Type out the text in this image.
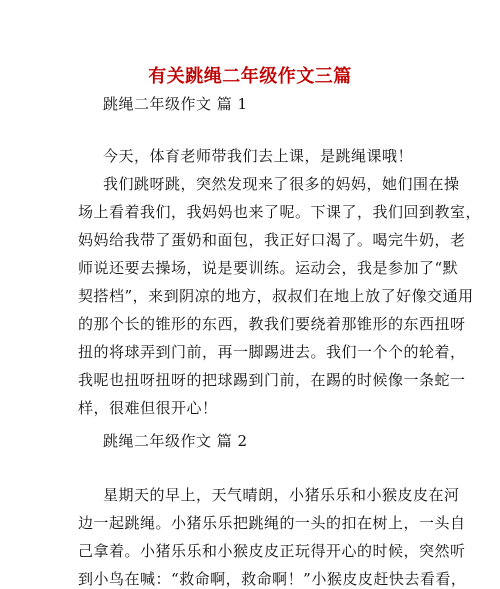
有关跳绳二年级作文三篇
跳绳二年级作文 篇 1
今天，体育老师带我们去上课，是跳绳课哦！
我们跳呀跳，突然发现来了很多的妈妈，她们围在操
场上看着我们，我妈妈也来了呢。下课了，我们回到教室，
妈妈给我带了蛋奶和面包，我正好口渴了。喝完牛奶，老
师说还要去操场，说是要训练。运动会，我是参加了“默
契搭档”，来到阴凉的地方，叔叔们在地上放了好像交通用
的那个长的锥形的东西，教我们要绕着那锥形的东西扭呀
扭的将球弄到门前，再一脚踢进去。我们一个个的轮着，
我呢也扭呀扭呀的把球踢到门前，在踢的时候像一条蛇一
样，很难但很开心！
跳绳二年级作文 篇 2
星期天的早上，天气晴朗，小猪乐乐和小猴皮皮在河
边一起跳绳。小猪乐乐把跳绳的一头的扣在树上，一头自
己拿着。小猪乐乐和小猴皮皮正玩得开心的时候，突然听
到小鸟在喊：“救命啊，救命啊！”小猴皮皮赶快去看看，
